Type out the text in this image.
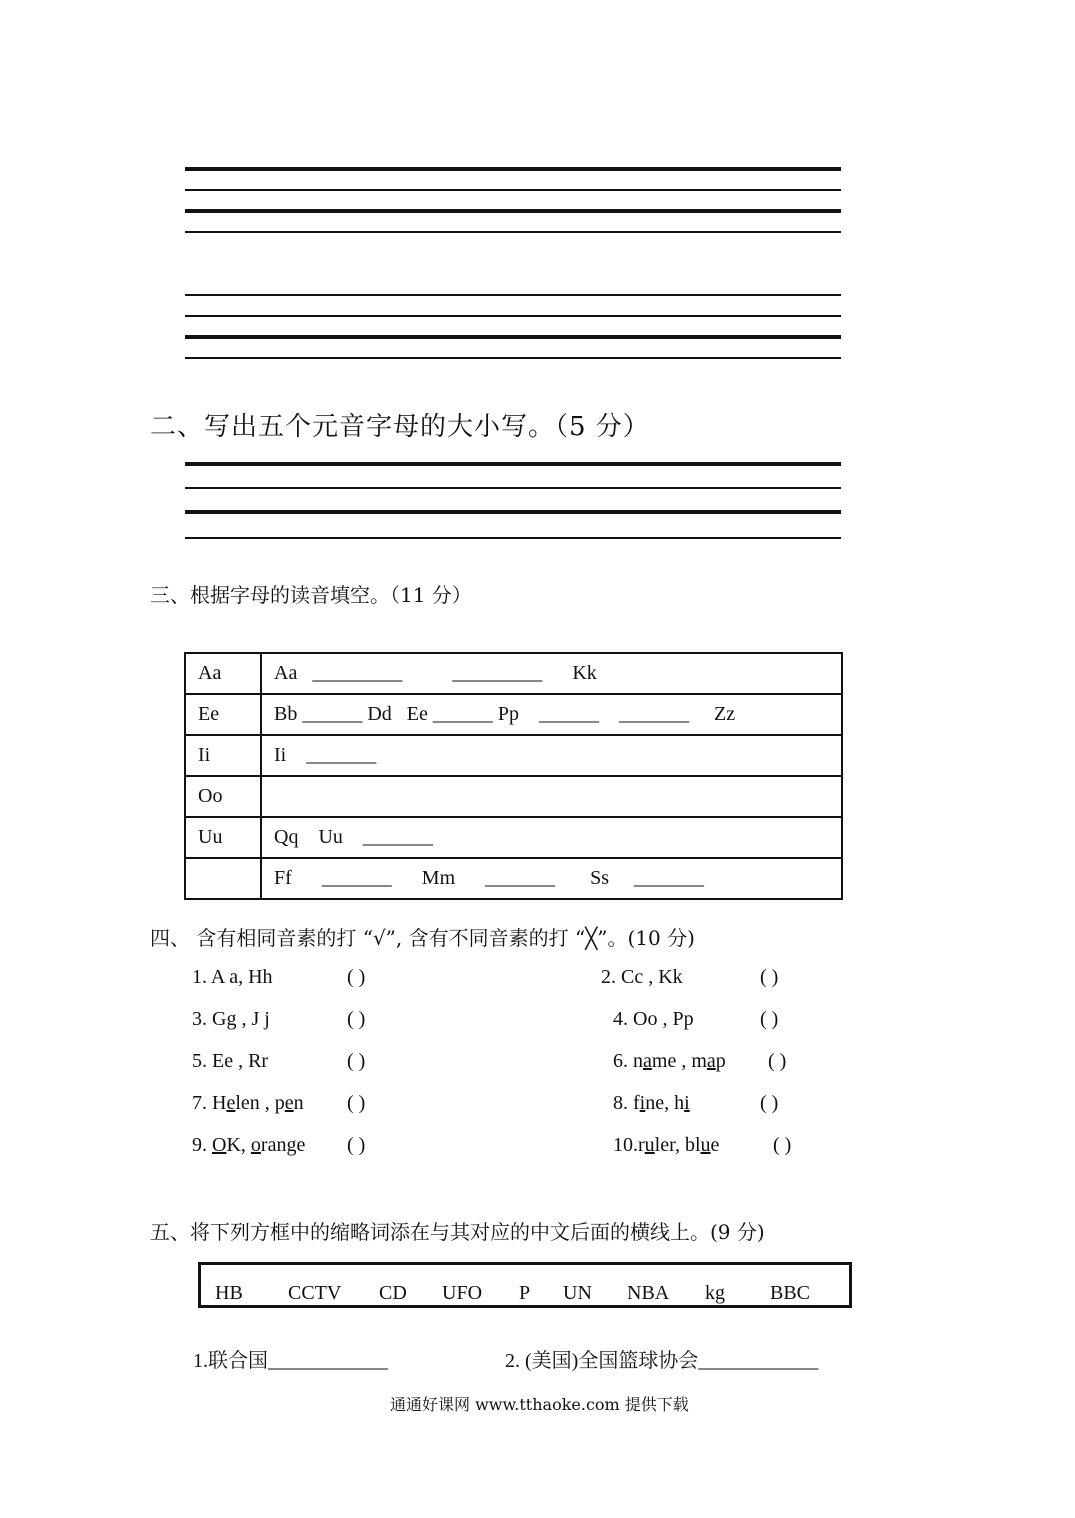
二、写出五个元音字母的大小写。（5 分）
三、根据字母的读音填空。（11 分）
Aa	Aa   _________          _________      Kk
Ee	Bb ______ Dd   Ee ______ Pp    ______    _______     Zz
Ii	Ii    _______
Oo	
Uu	Qq    Uu    _______
	Ff      _______      Mm      _______       Ss     _______
四、 含有相同音素的打 “√”, 含有不同音素的打 “╳”。(10 分)
1. A a, Hh	( )
3. Gg , J j	( )
5. Ee , Rr	( )
7. Helen , pen ( )
9. OK, orange ( )
2. Cc , Kk	( )
4. Oo , Pp	( )
6. name , map ( )
8. fine, hi	( )
10.ruler, blue	( )
五、将下列方框中的缩略词添在与其对应的中文后面的横线上。(9 分)
HB CCTV CD UFO P UN NBA kg BBC
1.联合国____________	2. (美国)全国篮球协会____________
通通好课网 www.tthaoke.com 提供下载
